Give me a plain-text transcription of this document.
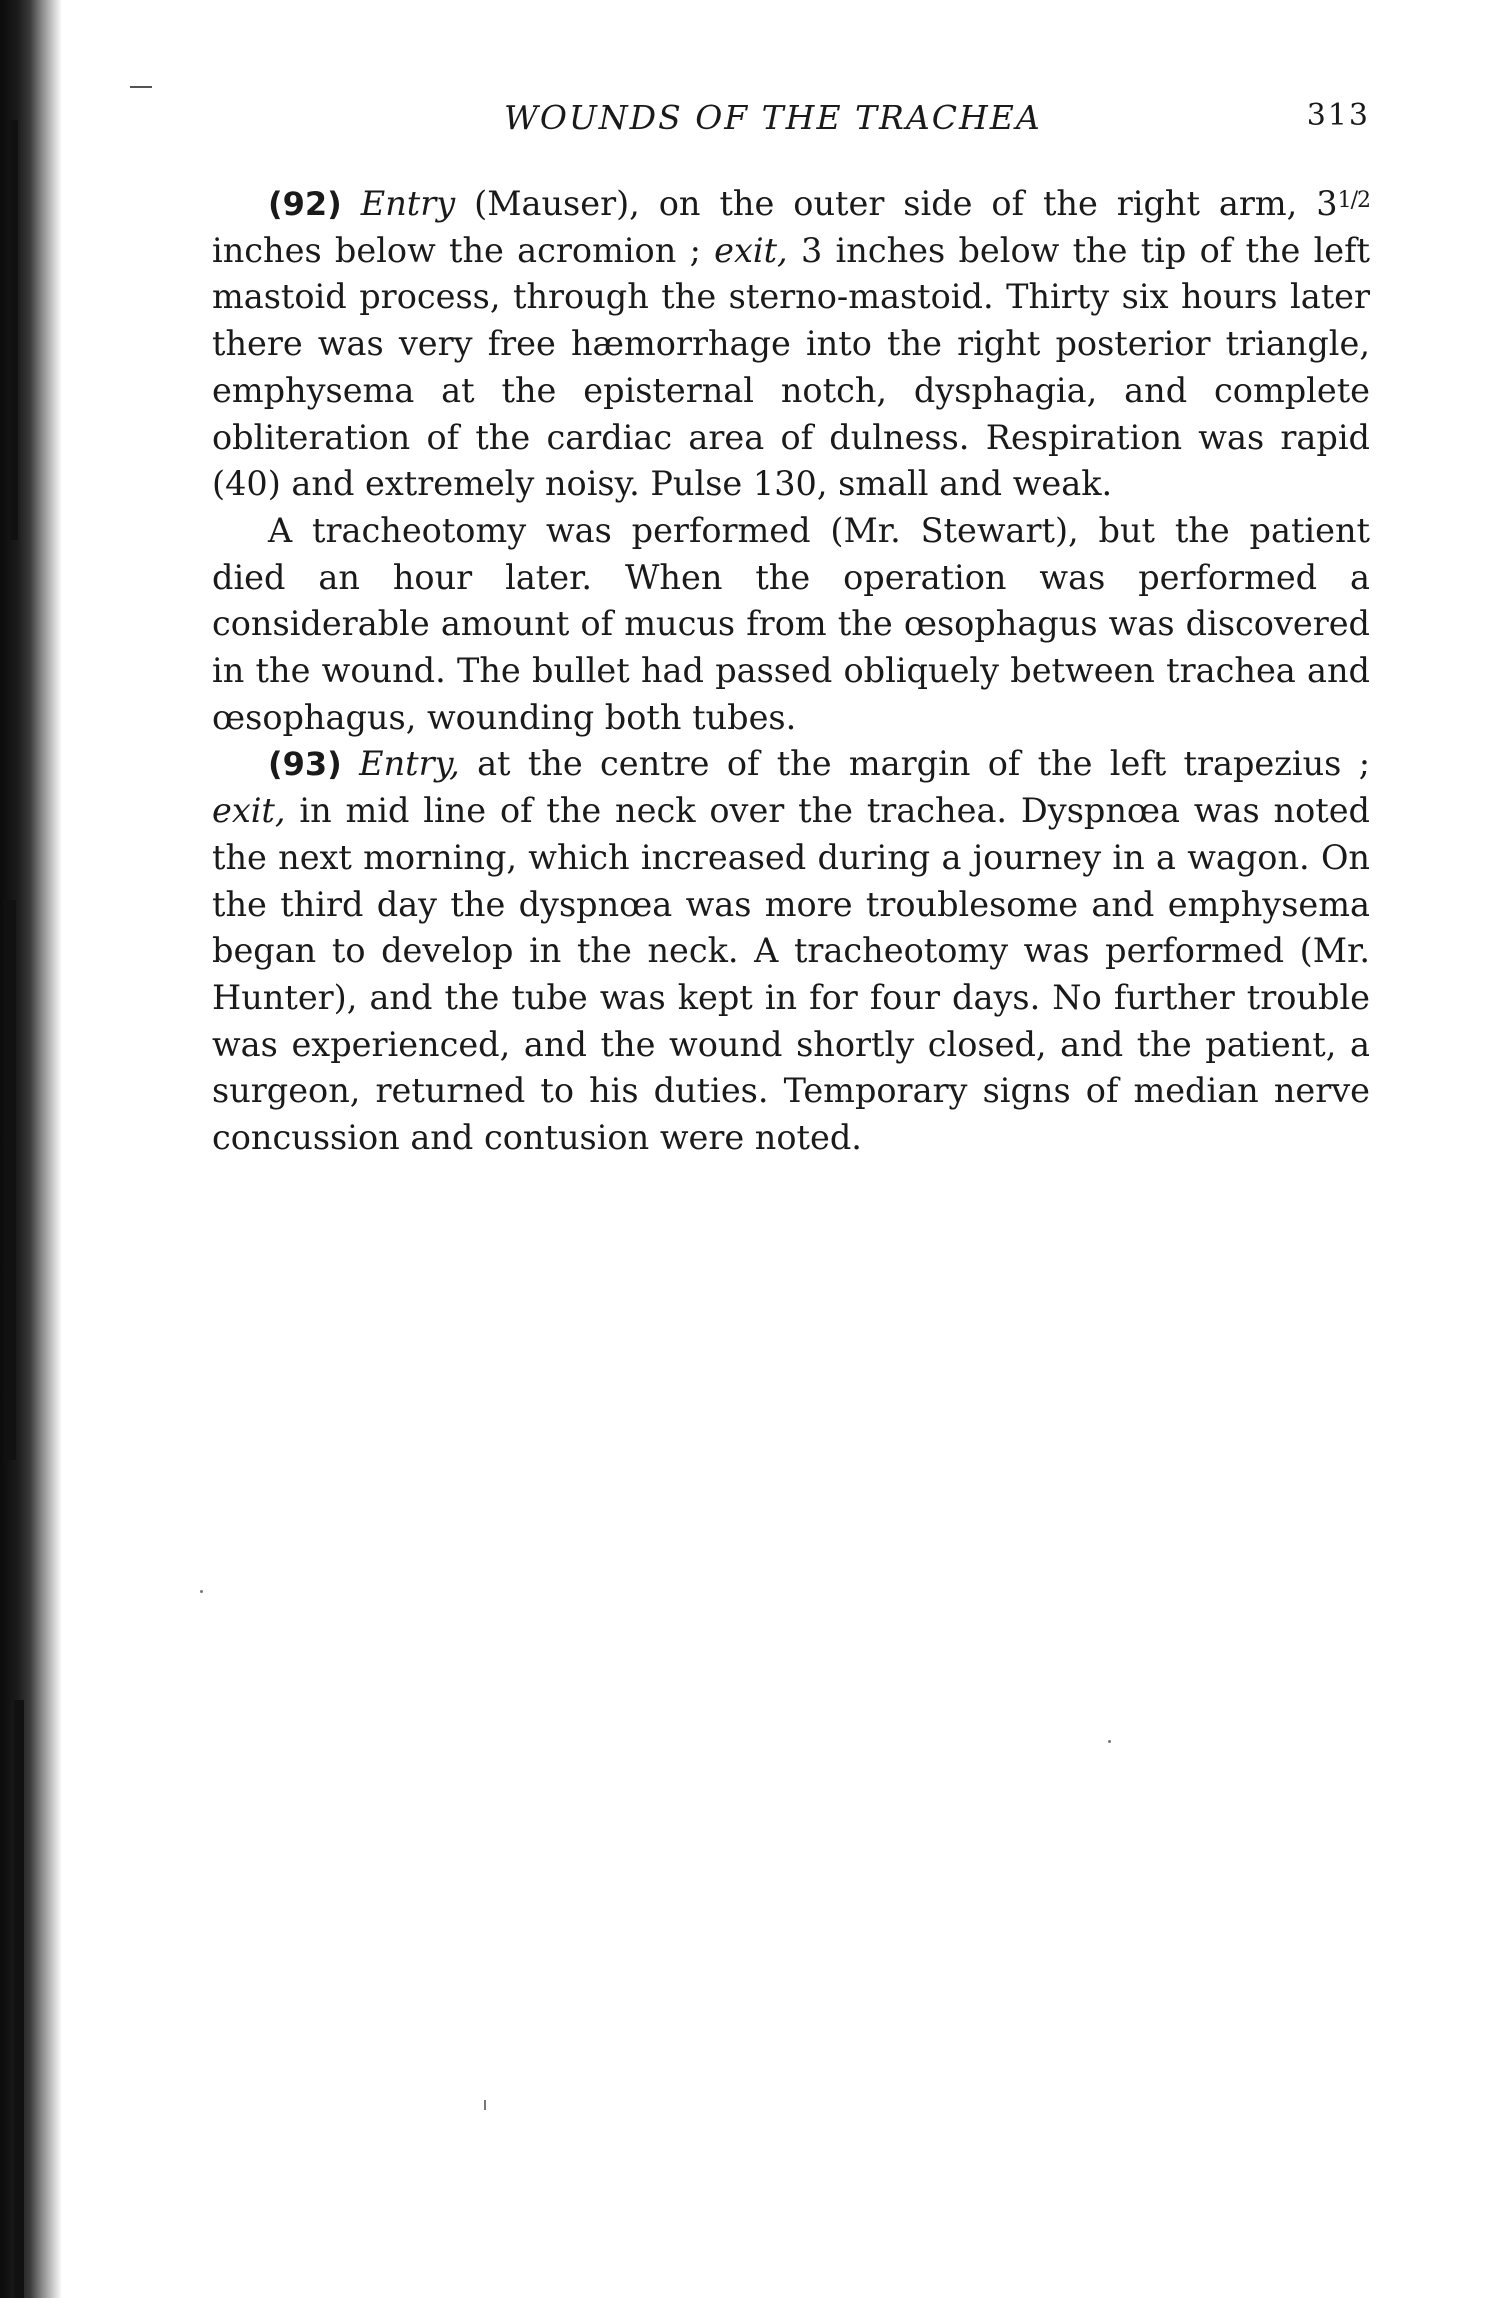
WOUNDS OF THE TRACHEA	313

(92) Entry (Mauser), on the outer side of the right arm, $3^{1/2}$ inches below the acromion ; exit, 3 inches below the tip of the left mastoid process, through the sterno-mastoid. Thirty six hours later there was very free hæmorrhage into the right posterior triangle, emphysema at the episternal notch, dysphagia, and complete obliteration of the cardiac area of dulness. Respiration was rapid (40) and extremely noisy. Pulse 130, small and weak.

A tracheotomy was performed (Mr. Stewart), but the patient died an hour later. When the operation was performed a considerable amount of mucus from the œsophagus was discovered in the wound. The bullet had passed obliquely between trachea and œsophagus, wounding both tubes.

(93) Entry, at the centre of the margin of the left trapezius ; exit, in mid line of the neck over the trachea. Dyspnœa was noted the next morning, which increased during a journey in a wagon. On the third day the dyspnœa was more troublesome and emphysema began to develop in the neck. A tracheotomy was performed (Mr. Hunter), and the tube was kept in for four days. No further trouble was experienced, and the wound shortly closed, and the patient, a surgeon, returned to his duties. Temporary signs of median nerve concussion and contusion were noted.
